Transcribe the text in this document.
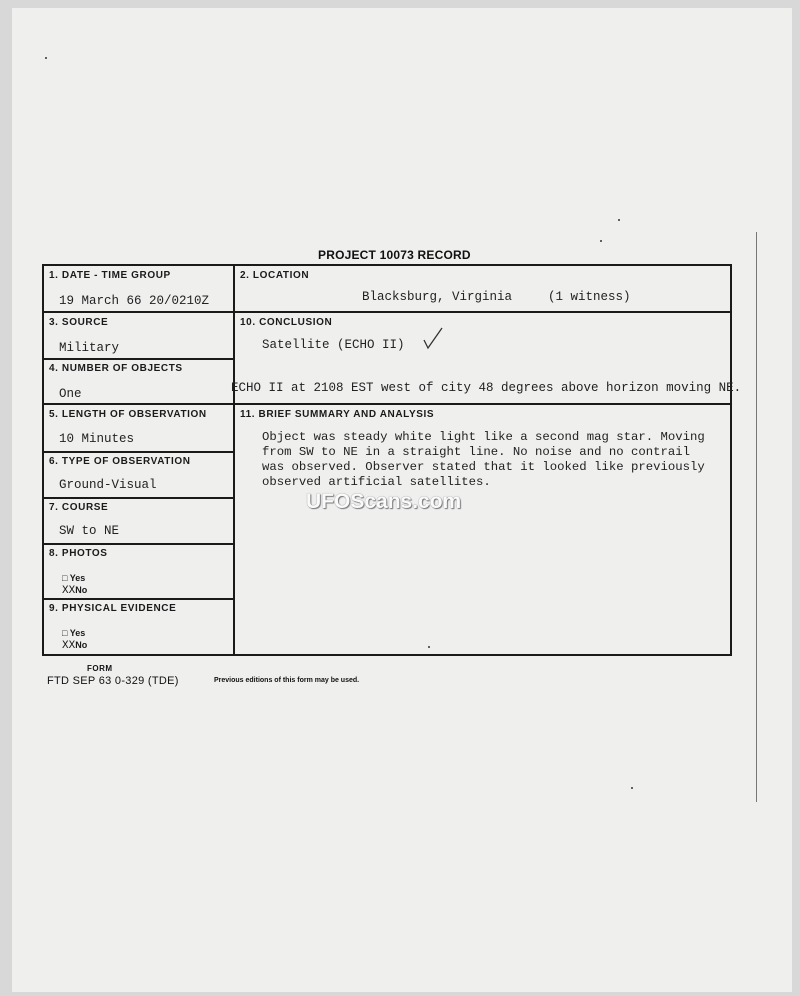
PROJECT 10073 RECORD
1. DATE - TIME GROUP
19 March 66 20/0210Z
2. LOCATION
Blacksburg, Virginia	(1 witness)
3. SOURCE
Military
10. CONCLUSION
Satellite (ECHO II)
4. NUMBER OF OBJECTS
One
5. LENGTH OF OBSERVATION
10 Minutes
11. BRIEF SUMMARY AND ANALYSIS
Object was steady white light like a second mag star. Moving
from SW to NE in a straight line. No noise and no contrail
was observed. Observer stated that it looked like previously
observed artificial satellites.
6. TYPE OF OBSERVATION
Ground-Visual
7. COURSE
SW to NE
8. PHOTOS
□ Yes
XXNo
9. PHYSICAL EVIDENCE
□ Yes
XXNo
ECHO II at 2108 EST west of city 48 degrees above horizon moving NE.
FORM
FTD SEP 63 0-329 (TDE)	Previous editions of this form may be used.
UFOScans.com
